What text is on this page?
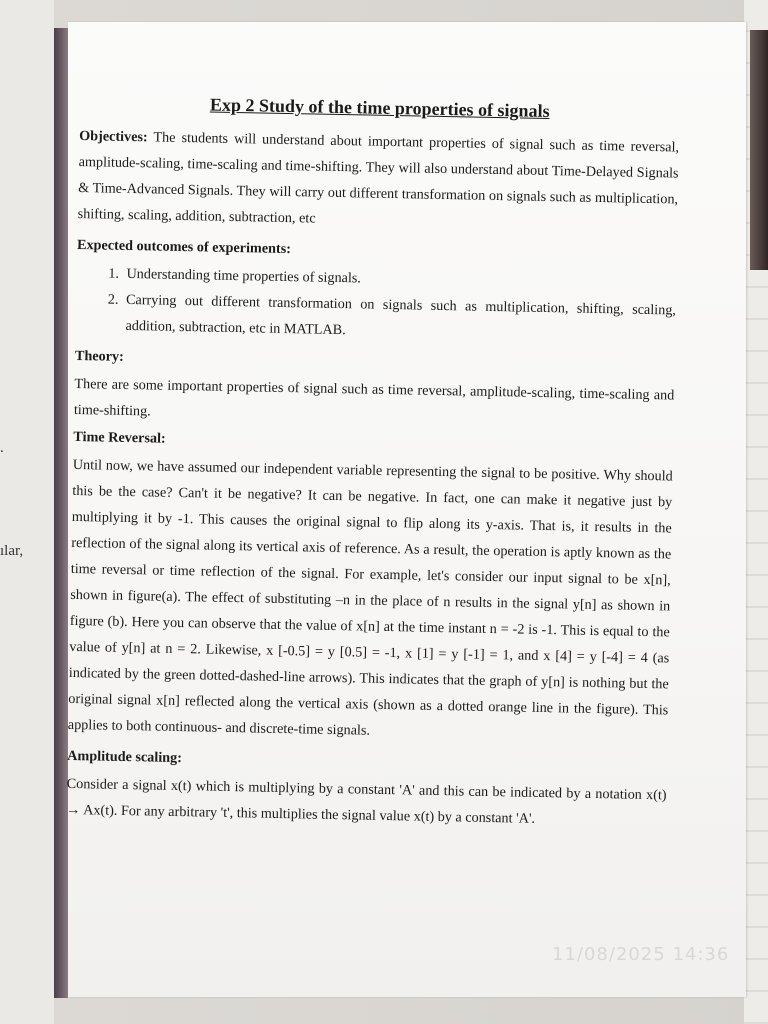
.
ılar,
Exp 2 Study of the time properties of signals

Objectives: The students will understand about important properties of signal such as time reversal, amplitude-scaling, time-scaling and time-shifting. They will also understand about Time-Delayed Signals & Time-Advanced Signals. They will carry out different transformation on signals such as multiplication, shifting, scaling, addition, subtraction, etc

Expected outcomes of experiments:
1. Understanding time properties of signals.
2. Carrying out different transformation on signals such as multiplication, shifting, scaling, addition, subtraction, etc in MATLAB.
Theory:

There are some important properties of signal such as time reversal, amplitude-scaling, time-scaling and time-shifting.

Time Reversal:

Until now, we have assumed our independent variable representing the signal to be positive. Why should this be the case? Can't it be negative? It can be negative. In fact, one can make it negative just by multiplying it by -1. This causes the original signal to flip along its y-axis. That is, it results in the reflection of the signal along its vertical axis of reference. As a result, the operation is aptly known as the time reversal or time reflection of the signal. For example, let's consider our input signal to be x[n], shown in figure(a). The effect of substituting –n in the place of n results in the signal y[n] as shown in figure (b). Here you can observe that the value of x[n] at the time instant n = -2 is -1. This is equal to the value of y[n] at n = 2. Likewise, x [-0.5] = y [0.5] = -1, x [1] = y [-1] = 1, and x [4] = y [-4] = 4 (as indicated by the green dotted-dashed-line arrows). This indicates that the graph of y[n] is nothing but the original signal x[n] reflected along the vertical axis (shown as a dotted orange line in the figure). This applies to both continuous- and discrete-time signals.

Amplitude scaling:

Consider a signal x(t) which is multiplying by a constant 'A' and this can be indicated by a notation x(t) → Ax(t). For any arbitrary 't', this multiplies the signal value x(t) by a constant 'A'.

11/08/2025 14:36
